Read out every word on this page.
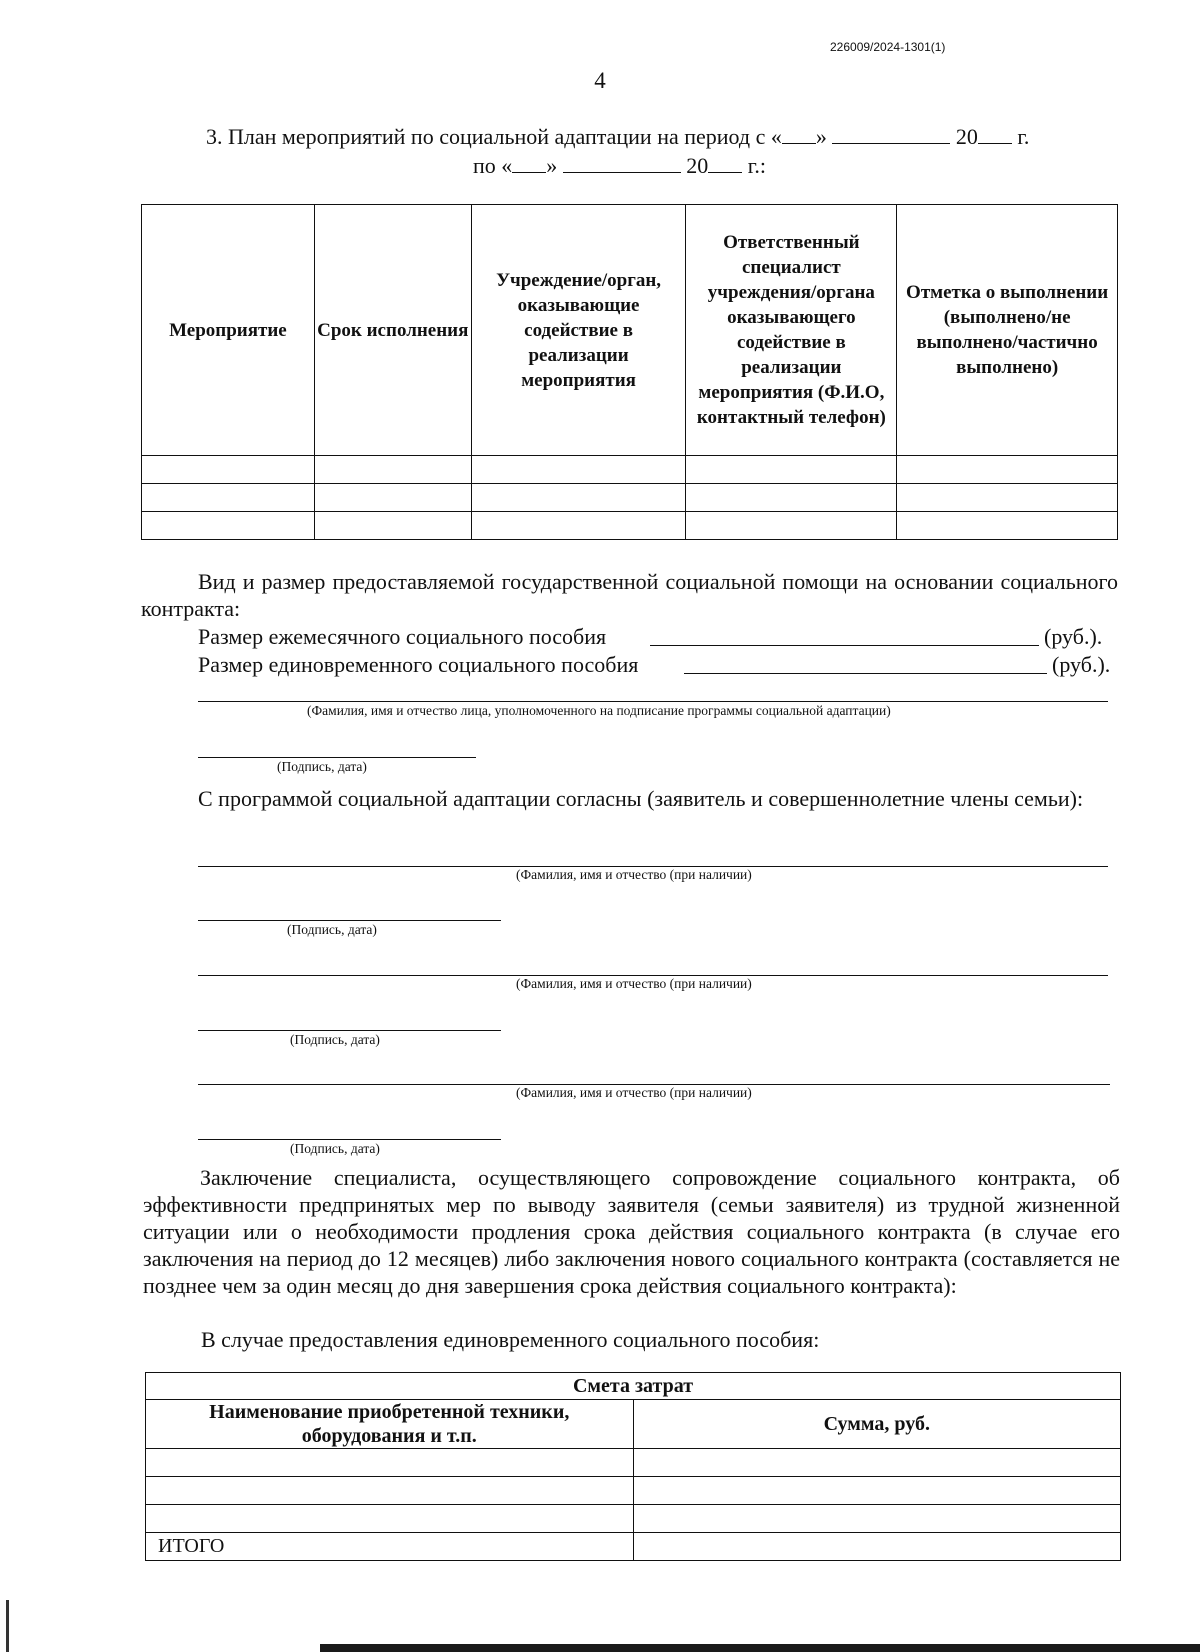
226009/2024-1301(1)
4
3. План мероприятий по социальной адаптации на период с « »	20 г.
по « »	20 г.:
Мероприятие	Срок исполнения	Учреждение/орган, оказывающие содействие в реализации мероприятия	Ответственный специалист учреждения/органа оказывающего содействие в реализации мероприятия (Ф.И.О, контактный телефон)	Отметка о выполнении (выполнено/не выполнено/частично выполнено)

Вид и размер предоставляемой государственной социальной помощи на основании социального контракта:
Размер ежемесячного социального пособия	(руб.).
Размер единовременного социального пособия	(руб.).
(Фамилия, имя и отчество лица, уполномоченного на подписание программы социальной адаптации)
(Подпись, дата)
С программой социальной адаптации согласны (заявитель и совершеннолетние члены семьи):
(Фамилия, имя и отчество (при наличии)
(Подпись, дата)
(Фамилия, имя и отчество (при наличии)
(Подпись, дата)
(Фамилия, имя и отчество (при наличии)
(Подпись, дата)
Заключение специалиста, осуществляющего сопровождение социального контракта, об эффективности предпринятых мер по выводу заявителя (семьи заявителя) из трудной жизненной ситуации или о необходимости продления срока действия социального контракта (в случае его заключения на период до 12 месяцев) либо заключения нового социального контракта (составляется не позднее чем за один месяц до дня завершения срока действия социального контракта):
В случае предоставления единовременного социального пособия:
Смета затрат	
Наименование приобретенной техники, оборудования и т.п.	Сумма, руб.

ИТОГО	
